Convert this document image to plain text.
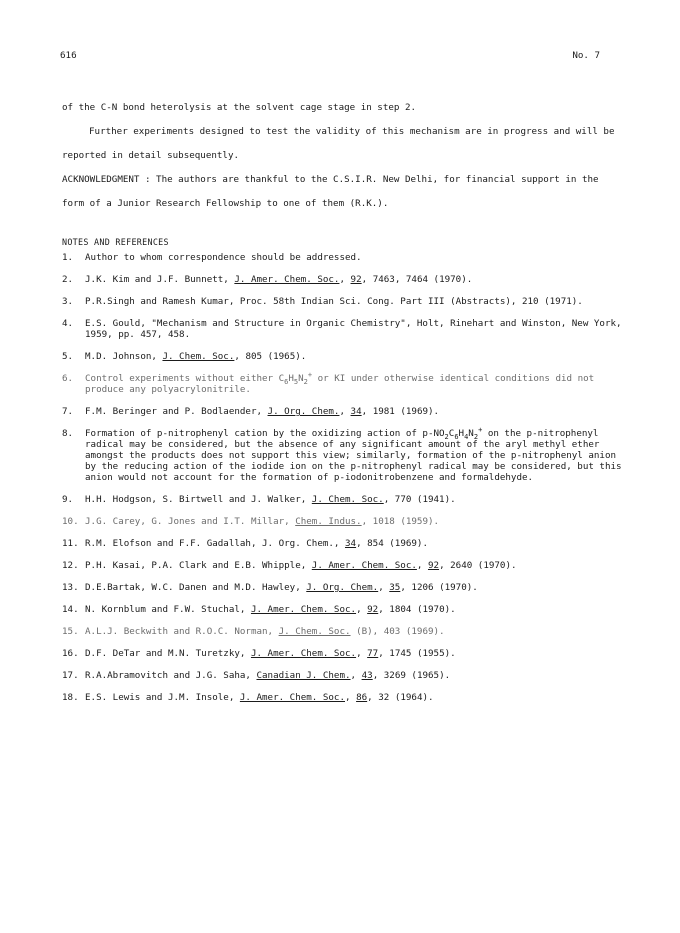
616	No. 7

of the C-N bond heterolysis at the solvent cage stage in step 2.

Further experiments designed to test the validity of this mechanism are in progress and will be reported in detail subsequently.

ACKNOWLEDGMENT : The authors are thankful to the C.S.I.R. New Delhi, for financial support in the form of a Junior Research Fellowship to one of them (R.K.).

NOTES AND REFERENCES
1. Author to whom correspondence should be addressed.
2. J.K. Kim and J.F. Bunnett, J. Amer. Chem. Soc., 92, 7463, 7464 (1970).
3. P.R.Singh and Ramesh Kumar, Proc. 58th Indian Sci. Cong. Part III (Abstracts), 210 (1971).
4. E.S. Gould, "Mechanism and Structure in Organic Chemistry", Holt, Rinehart and Winston, New York, 1959, pp. 457, 458.
5. M.D. Johnson, J. Chem. Soc., 805 (1965).
6. Control experiments without either $C_6H_5N_2^+$ or KI under otherwise identical conditions did not produce any polyacrylonitrile.
7. F.M. Beringer and P. Bodlaender, J. Org. Chem., 34, 1981 (1969).
8. Formation of p-nitrophenyl cation by the oxidizing action of $p-NO_2C_6H_4N_2^+$ on the p-nitrophenyl radical may be considered, but the absence of any significant amount of the aryl methyl ether amongst the products does not support this view; similarly, formation of the p-nitrophenyl anion by the reducing action of the iodide ion on the p-nitrophenyl radical may be considered, but this anion would not account for the formation of p-iodonitrobenzene and formaldehyde.
9. H.H. Hodgson, S. Birtwell and J. Walker, J. Chem. Soc., 770 (1941).
10. J.G. Carey, G. Jones and I.T. Millar, Chem. Indus., 1018 (1959).
11. R.M. Elofson and F.F. Gadallah, J. Org. Chem., 34, 854 (1969).
12. P.H. Kasai, P.A. Clark and E.B. Whipple, J. Amer. Chem. Soc., 92, 2640 (1970).
13. D.E.Bartak, W.C. Danen and M.D. Hawley, J. Org. Chem., 35, 1206 (1970).
14. N. Kornblum and F.W. Stuchal, J. Amer. Chem. Soc., 92, 1804 (1970).
15. A.L.J. Beckwith and R.O.C. Norman, J. Chem. Soc. (B), 403 (1969).
16. D.F. DeTar and M.N. Turetzky, J. Amer. Chem. Soc., 77, 1745 (1955).
17. R.A.Abramovitch and J.G. Saha, Canadian J. Chem., 43, 3269 (1965).
18. E.S. Lewis and J.M. Insole, J. Amer. Chem. Soc., 86, 32 (1964).
